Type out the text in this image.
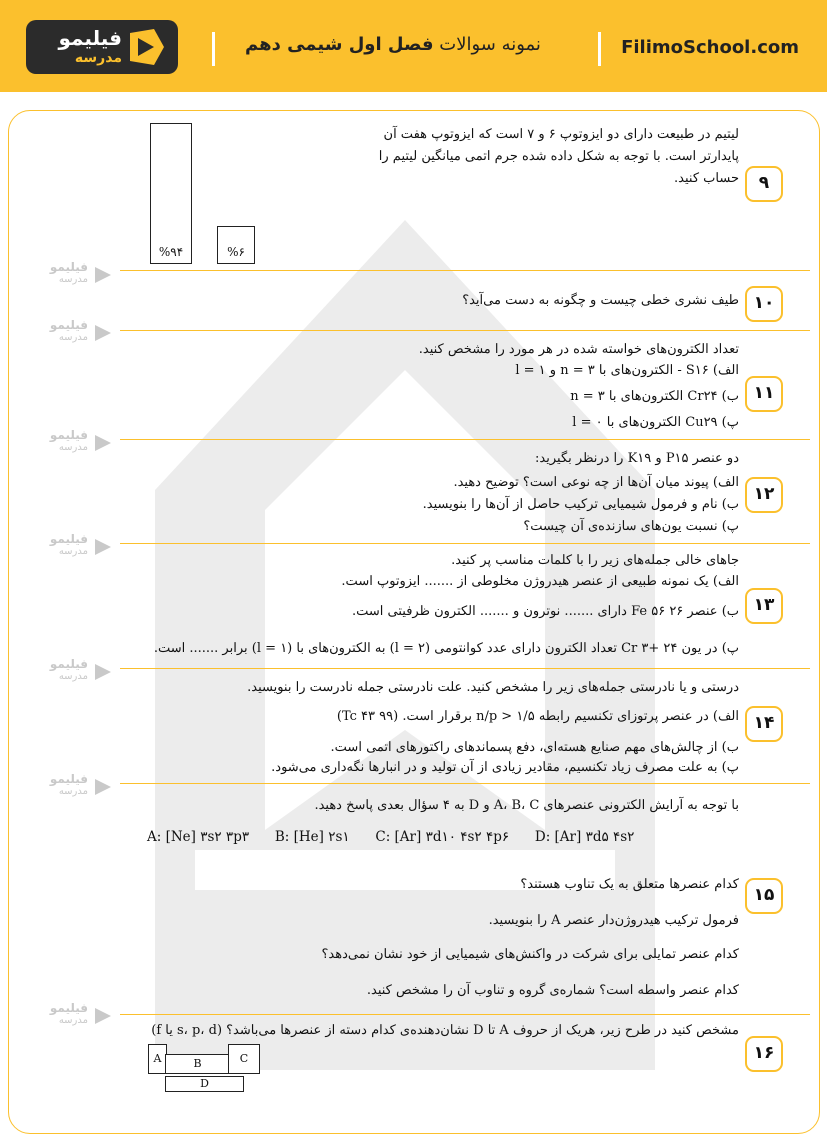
فیلیمو
مدرسه
نمونه سوالات فصل اول شیمی دهم	FilimoSchool.com
فیلیمو
مدرسه
فیلیمو
مدرسه
فیلیمو
مدرسه
فیلیمو
مدرسه
فیلیمو
مدرسه
فیلیمو
مدرسه
فیلیمو
مدرسه
۹
لیتیم در طبیعت دارای دو ایزوتوپ ۶ و ۷ است که ایزوتوپ هفت آن
پایدارتر است. با توجه به شکل داده شده جرم اتمی میانگین لیتیم را
حساب کنید.
%۹۴	%۶
۱۰
طیف نشری خطی چیست و چگونه به دست می‌آید؟
۱۱
تعداد الکترون‌های خواسته شده در هر مورد را مشخص کنید.
الف) S۱۶ - الکترون‌های با ۳ = n و ۱ = l
ب) Cr۲۴ الکترون‌های با ۳ = n
پ) Cu۲۹ الکترون‌های با ۰ = l
۱۲
دو عنصر P۱۵ و K۱۹ را درنظر بگیرید:
الف) پیوند میان آن‌ها از چه نوعی است؟ توضیح دهید.
ب) نام و فرمول شیمیایی ترکیب حاصل از آن‌ها را بنویسید.
پ) نسبت یون‌های سازنده‌ی آن چیست؟
۱۳
جاهای خالی جمله‌های زیر را با کلمات مناسب پر کنید.
الف) یک نمونه طبیعی از عنصر هیدروژن مخلوطی از ....... ایزوتوپ است.
ب) عنصر Fe ۵۶ ۲۶ دارای ....... نوترون و ....... الکترون ظرفیتی است.
پ) در یون Cr ۳+ ۲۴ تعداد الکترون دارای عدد کوانتومی (۲ = l) به الکترون‌های با (۱ = l) برابر ....... است.
۱۴
درستی و یا نادرستی جمله‌های زیر را مشخص کنید. علت نادرستی جمله نادرست را بنویسید.
الف) در عنصر پرتوزای تکنسیم رابطه ۱/۵ < n/p برقرار است. (۹۹ ۴۳ Tc)
ب) از چالش‌های مهم صنایع هسته‌ای، دفع پسماندهای راکتورهای اتمی است.
پ) به علت مصرف زیاد تکنسیم، مقادیر زیادی از آن تولید و در انبارها نگه‌داری می‌شود.
۱۵
با توجه به آرایش الکترونی عنصرهای A، B، C و D به ۴ سؤال بعدی پاسخ دهید.
A: [Ne] ۳s۲ ۳p۳ B: [He] ۲s۱ C: [Ar] ۳d۱۰ ۴s۲ ۴p۶ D: [Ar] ۳d۵ ۴s۲
کدام عنصرها متعلق به یک تناوب هستند؟
فرمول ترکیب هیدروژن‌دار عنصر A را بنویسید.
کدام عنصر تمایلی برای شرکت در واکنش‌های شیمیایی از خود نشان نمی‌دهد؟
کدام عنصر واسطه است؟ شماره‌ی گروه و تناوب آن را مشخص کنید.
۱۶
مشخص کنید در طرح زیر، هریک از حروف A تا D نشان‌دهنده‌ی کدام دسته از عنصرها می‌باشد؟ (s، p، d یا f)
A	B	C
D
